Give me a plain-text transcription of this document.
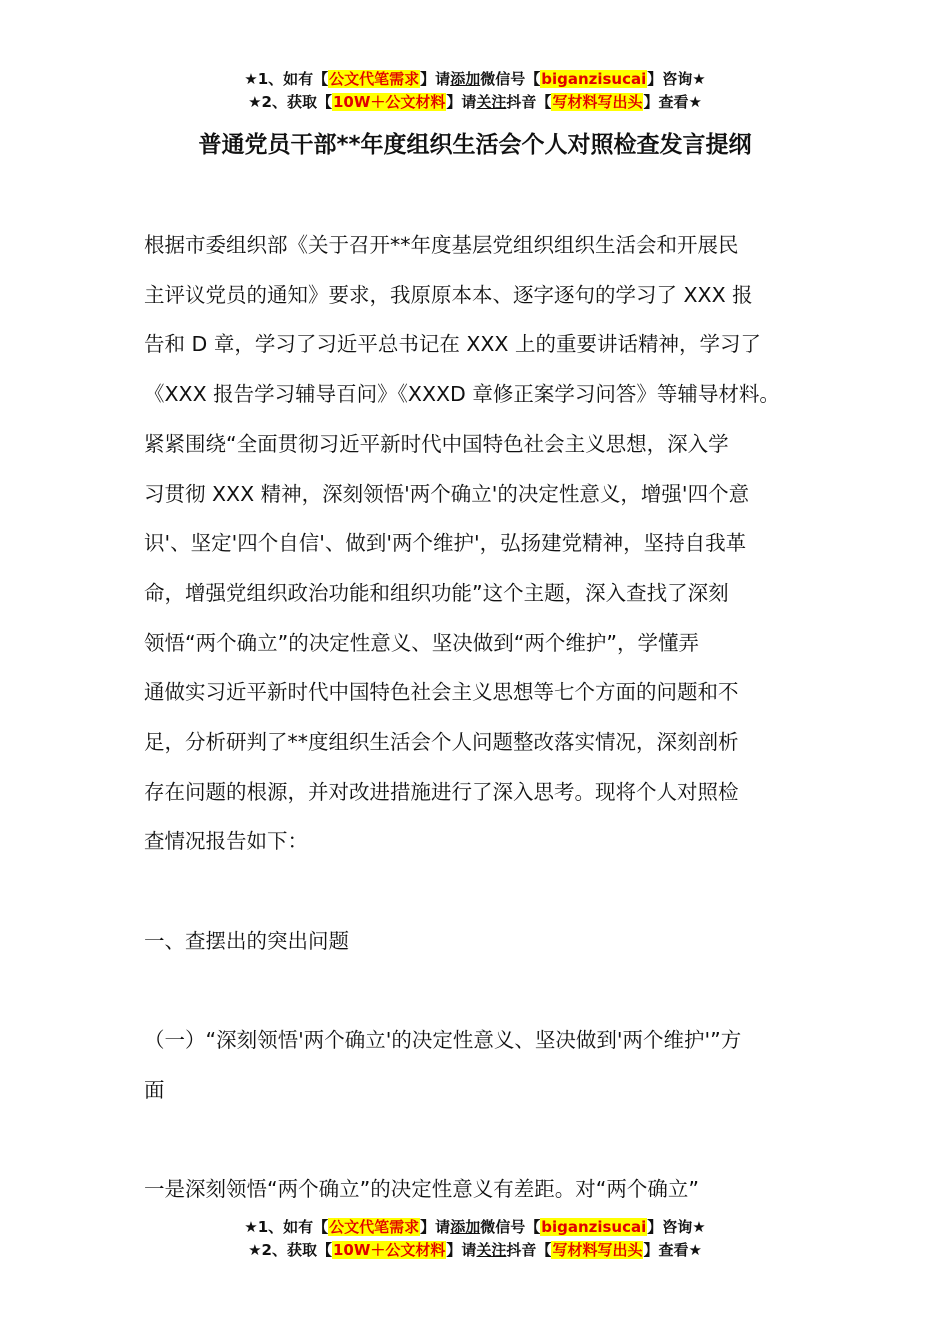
★1、如有【公文代笔需求】请添加微信号【biganzisucai】咨询★
★2、获取【10W＋公文材料】请关注抖音【写材料写出头】查看★
普通党员干部**年度组织生活会个人对照检查发言提纲
根据市委组织部《关于召开**年度基层党组织组织生活会和开展民
主评议党员的通知》要求，我原原本本、逐字逐句的学习了 XXX 报
告和 D 章，学习了习近平总书记在 XXX 上的重要讲话精神，学习了
《XXX 报告学习辅导百问》《XXXD 章修正案学习问答》等辅导材料。
紧紧围绕“全面贯彻习近平新时代中国特色社会主义思想，深入学
习贯彻 XXX 精神，深刻领悟'两个确立'的决定性意义，增强'四个意
识'、坚定'四个自信'、做到'两个维护'，弘扬建党精神，坚持自我革
命，增强党组织政治功能和组织功能”这个主题，深入查找了深刻
领悟“两个确立”的决定性意义、坚决做到“两个维护”，学懂弄
通做实习近平新时代中国特色社会主义思想等七个方面的问题和不
足，分析研判了**度组织生活会个人问题整改落实情况，深刻剖析
存在问题的根源，并对改进措施进行了深入思考。现将个人对照检
查情况报告如下：
一、查摆出的突出问题
（一）“深刻领悟'两个确立'的决定性意义、坚决做到'两个维护'”方
面
一是深刻领悟“两个确立”的决定性意义有差距。对“两个确立”
★1、如有【公文代笔需求】请添加微信号【biganzisucai】咨询★
★2、获取【10W＋公文材料】请关注抖音【写材料写出头】查看★
